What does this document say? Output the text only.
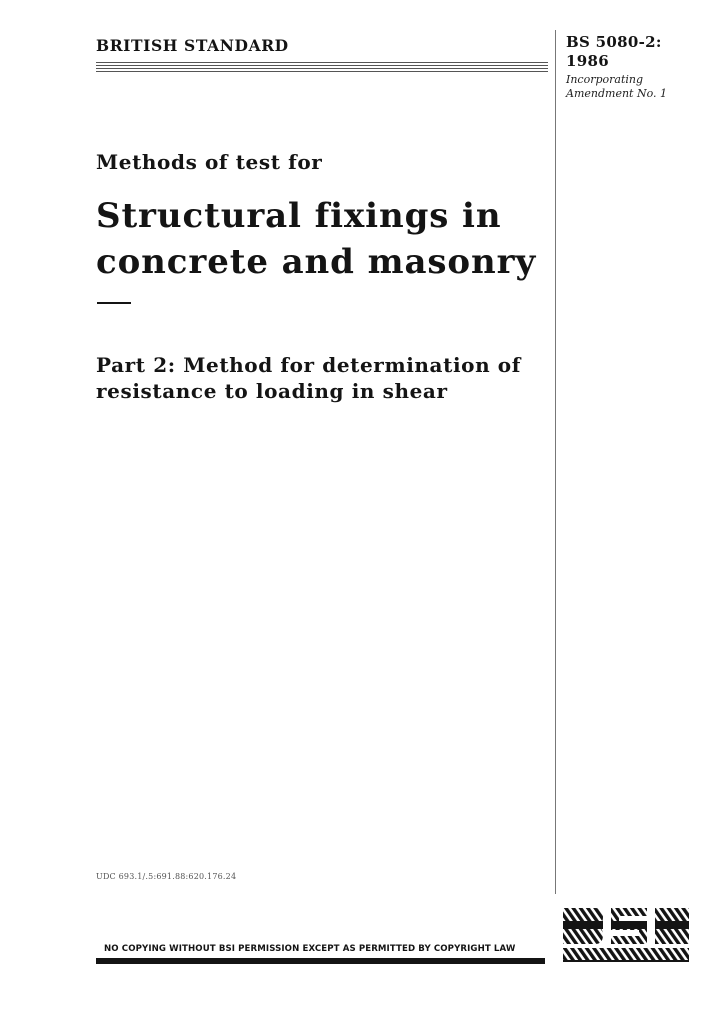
BRITISH STANDARD	BS 5080-2:
1986
Incorporating
Amendment No. 1
Methods of test for
Structural fixings in
concrete and masonry
Part 2: Method for determination of
resistance to loading in shear
UDC 693.1/.5:691.88:620.176.24
NO COPYING WITHOUT BSI PERMISSION EXCEPT AS PERMITTED BY COPYRIGHT LAW
